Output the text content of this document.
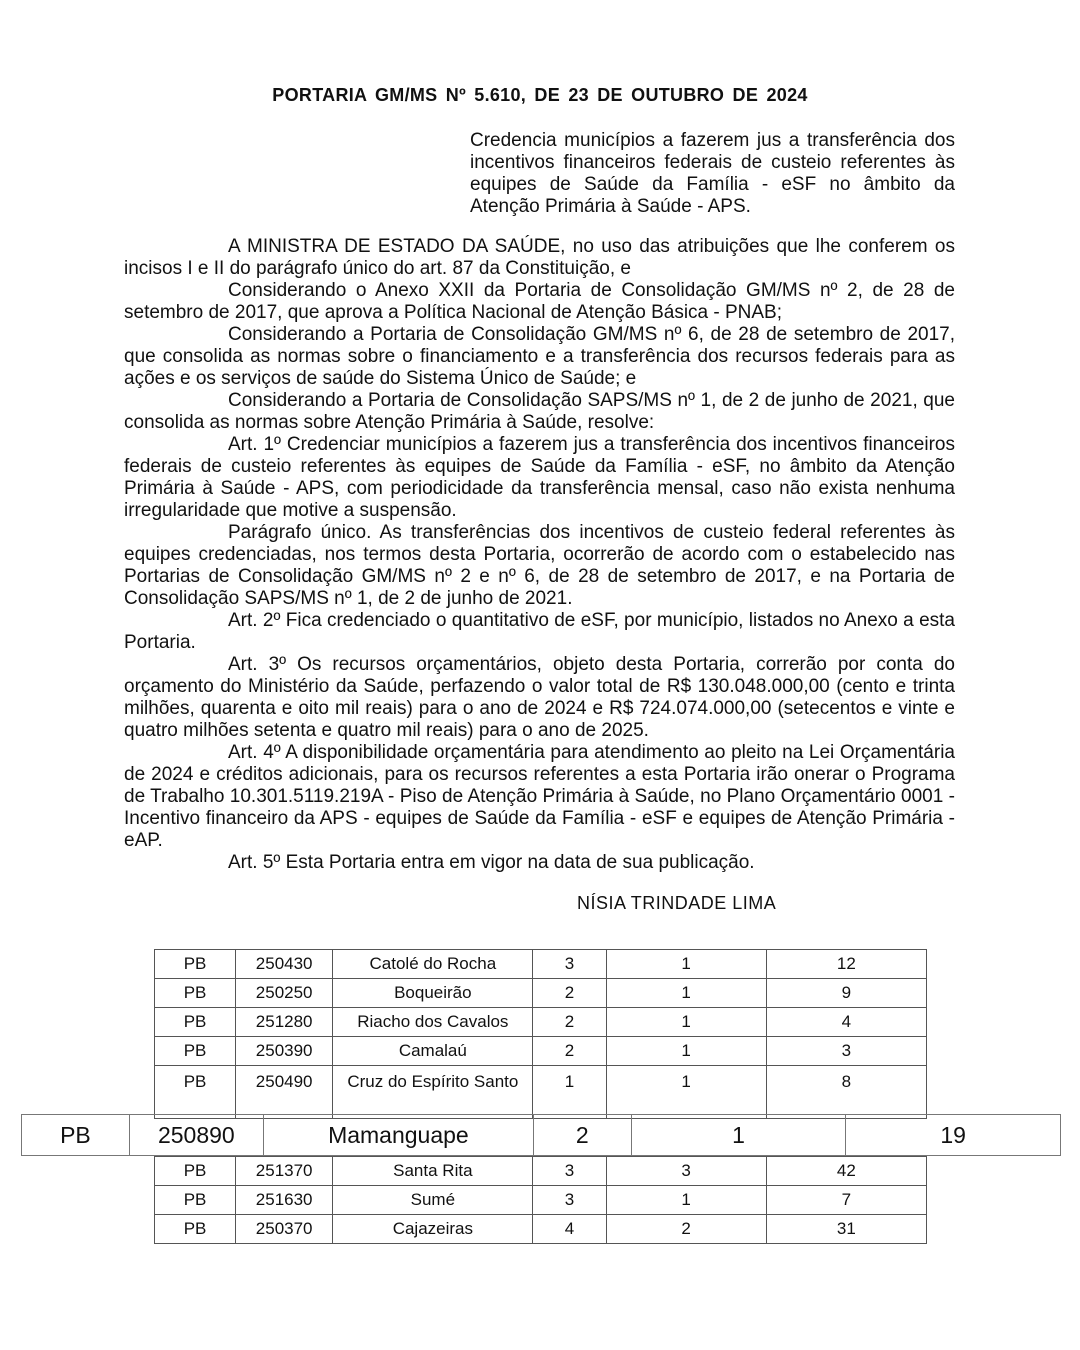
PORTARIA GM/MS Nº 5.610, DE 23 DE OUTUBRO DE 2024
Credencia municípios a fazerem jus a transferência dos incentivos financeiros federais de custeio referentes às equipes de Saúde da Família - eSF no âmbito da Atenção Primária à Saúde - APS.

A MINISTRA DE ESTADO DA SAÚDE, no uso das atribuições que lhe conferem os incisos I e II do parágrafo único do art. 87 da Constituição, e

Considerando o Anexo XXII da Portaria de Consolidação GM/MS nº 2, de 28 de setembro de 2017, que aprova a Política Nacional de Atenção Básica - PNAB;

Considerando a Portaria de Consolidação GM/MS nº 6, de 28 de setembro de 2017, que consolida as normas sobre o financiamento e a transferência dos recursos federais para as ações e os serviços de saúde do Sistema Único de Saúde; e

Considerando a Portaria de Consolidação SAPS/MS nº 1, de 2 de junho de 2021, que consolida as normas sobre Atenção Primária à Saúde, resolve:

Art. 1º Credenciar municípios a fazerem jus a transferência dos incentivos financeiros federais de custeio referentes às equipes de Saúde da Família - eSF, no âmbito da Atenção Primária à Saúde - APS, com periodicidade da transferência mensal, caso não exista nenhuma irregularidade que motive a suspensão.

Parágrafo único. As transferências dos incentivos de custeio federal referentes às equipes credenciadas, nos termos desta Portaria, ocorrerão de acordo com o estabelecido nas Portarias de Consolidação GM/MS nº 2 e nº 6, de 28 de setembro de 2017, e na Portaria de Consolidação SAPS/MS nº 1, de 2 de junho de 2021.

Art. 2º Fica credenciado o quantitativo de eSF, por município, listados no Anexo a esta Portaria.

Art. 3º Os recursos orçamentários, objeto desta Portaria, correrão por conta do orçamento do Ministério da Saúde, perfazendo o valor total de R$ 130.048.000,00 (cento e trinta milhões, quarenta e oito mil reais) para o ano de 2024 e R$ 724.074.000,00 (setecentos e vinte e quatro milhões setenta e quatro mil reais) para o ano de 2025.

Art. 4º A disponibilidade orçamentária para atendimento ao pleito na Lei Orçamentária de 2024 e créditos adicionais, para os recursos referentes a esta Portaria irão onerar o Programa de Trabalho 10.301.5119.219A - Piso de Atenção Primária à Saúde, no Plano Orçamentário 0001 - Incentivo financeiro da APS - equipes de Saúde da Família - eSF e equipes de Atenção Primária - eAP.

Art. 5º Esta Portaria entra em vigor na data de sua publicação.

NÍSIA TRINDADE LIMA
PB	250430	Catolé do Rocha	3	1	12
PB	250250	Boqueirão	2	1	9
PB	251280	Riacho dos Cavalos	2	1	4
PB	250390	Camalaú	2	1	3
PB	250490	Cruz do Espírito Santo	1	1	8
PB	250890	Mamanguape	2	1	19
PB	251370	Santa Rita	3	3	42
PB	251630	Sumé	3	1	7
PB	250370	Cajazeiras	4	2	31
